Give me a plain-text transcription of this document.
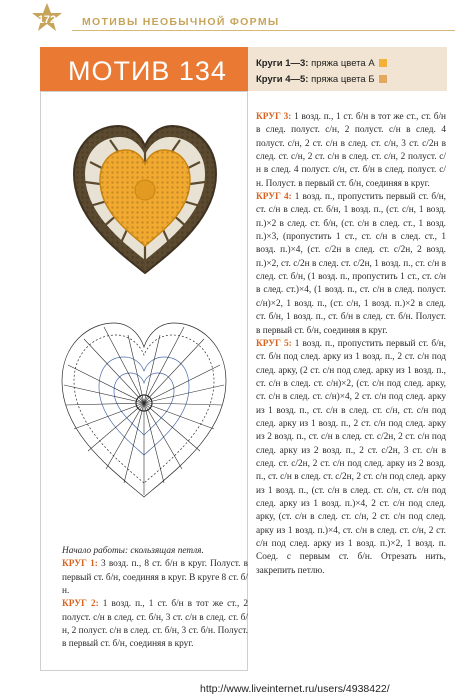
172 МОТИВЫ НЕОБЫЧНОЙ ФОРМЫ
МОТИВ 134	Круги 1—3: пряжа цвета А
Круги 4—5: пряжа цвета Б

Начало работы: скользящая петля.

КРУГ 1: 3 возд. п., 8 ст. б/н в круг. Полуст. в первый ст. б/н, соединяя в круг. В круге 8 ст. б/н.

КРУГ 2: 1 возд. п., 1 ст. б/н в тот же ст., 2 полуст. с/н в след. ст. б/н, 3 ст. с/н в след. ст. б/н, 2 полуст. с/н в след. ст. б/н, 3 ст. б/н. Полуст. в первый ст. б/н, соединяя в круг.

КРУГ 3: 1 возд. п., 1 ст. б/н в тот же ст., ст. б/н в след. полуст. с/н, 2 полуст. с/н в след. 4 полуст. с/н, 2 ст. с/н в след. ст. с/н, 3 ст. с/2н в след. ст. с/н, 2 ст. с/н в след. ст. с/н, 2 полуст. с/н в след. 4 полуст. с/н, ст. б/н в след. полуст. с/н. Полуст. в первый ст. б/н, соединяя в круг.

КРУГ 4: 1 возд. п., пропустить первый ст. б/н, ст. с/н в след. ст. б/н, 1 возд. п., (ст. с/н, 1 возд. п.)×2 в след. ст. б/н, (ст. с/н в след. ст., 1 возд. п.)×3, (пропустить 1 ст., ст. с/н в след. ст., 1 возд. п.)×4, (ст. с/2н в след. ст. с/2н, 2 возд. п.)×2, ст. с/2н в след. ст. с/2н, 1 возд. п., ст. с/н в след. ст. б/н, (1 возд. п., пропустить 1 ст., ст. с/н в след. ст.)×4, (1 возд. п., ст. с/н в след. полуст. с/н)×2, 1 возд. п., (ст. с/н, 1 возд. п.)×2 в след. ст. б/н, 1 возд. п., ст. б/н в след. ст. б/н. Полуст. в первый ст. б/н, соединяя в круг.

КРУГ 5: 1 возд. п., пропустить первый ст. б/н, ст. б/н под след. арку из 1 возд. п., 2 ст. с/н под след. арку, (2 ст. с/н под след. арку из 1 возд. п., ст. с/н в след. ст. с/н)×2, (ст. с/н под след. арку, ст. с/н в след. ст. с/н)×4, 2 ст. с/н под след. арку из 1 возд. п., ст. с/н в след. ст. с/н, ст. с/н под след. арку из 1 возд. п., 2 ст. с/н под след. арку из 2 возд. п., ст. с/н в след. ст. с/2н, 2 ст. с/н под след. арку из 2 возд. п., 2 ст. с/2н, 3 ст. с/н в след. ст. с/2н, 2 ст. с/н под след. арку из 2 возд. п., ст. с/н в след. ст. с/2н, 2 ст. с/н под след. арку из 1 возд. п., (ст. с/н в след. ст. с/н, ст. с/н под след. арку из 1 возд. п.)×4, 2 ст. с/н под след. арку, (ст. с/н в след. ст. с/н, 2 ст. с/н под след. арку из 1 возд. п.)×4, ст. с/н в след. ст. с/н, 2 ст. с/н под след. арку из 1 возд. п.)×2, 1 возд. п. Соед. с первым ст. б/н. Отрезать нить, закрепить петлю.

http://www.liveinternet.ru/users/4938422/
